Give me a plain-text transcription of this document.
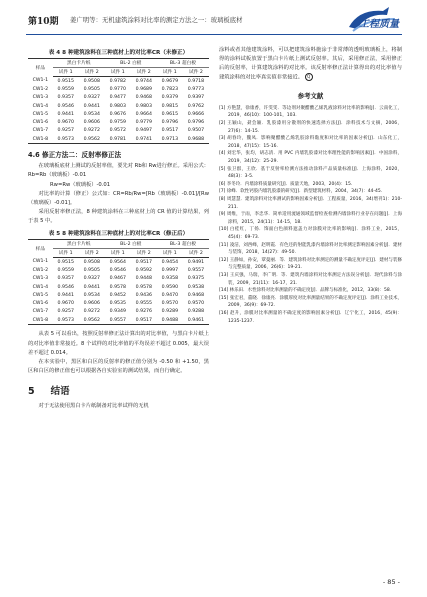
第10期 姜广明等：无机建筑涂料对比率的测定方法之一：玻璃板底材	工程质量

表 4 8 种建筑涂料在三种底材上的对比率CR（未修正）

样品	黑白卡片纸		BL-2 白板		BL-3 超白板	
	试件 1	试件 2	试件 1	试件 2	试件 1	试件 2
CW1-1	0.9515	0.9508	0.9782	0.9744	0.9679	0.9718
CW1-2	0.9559	0.9505	0.9770	0.9689	0.7823	0.9773
CW1-3	0.9357	0.9327	0.9477	0.9468	0.9379	0.9397
CW1-4	0.9546	0.9441	0.9803	0.9803	0.9815	0.9762
CW1-5	0.9441	0.9534	0.9676	0.9664	0.9615	0.9666
CW1-6	0.9670	0.9606	0.9759	0.9779	0.9796	0.9796
CW1-7	0.9257	0.9272	0.9572	0.9497	0.9517	0.9507
CW1-8	0.9573	0.9562	0.9781	0.9741	0.9713	0.9688

4.6 修正方法二：反射率修正法

在玻璃板底材上测试的反射率值，要先对 Rb和 Rw进行修正。采用公式：Rb=Rb（玻璃板）-0.01

Rw=Rw（玻璃板）-0.01

对比率的计算（修正）公式如：CR=Rb/Rw=[Rb（玻璃板）-0.01]/[Rw（玻璃板）-0.01]。

采用反射率修正法，8 种建筑涂料在三种底材上的 CR 值的计算结果，列于表 5 中。

表 5 8 种建筑涂料在三种底材上的对比率CR（修正后）

样品	黑白卡片纸		BL-2 白板		BL-3 超白板	
	试件 1	试件 2	试件 1	试件 2	试件 1	试件 2
CW1-1	0.9515	0.9508	0.9564	0.9517	0.9454	0.9491
CW1-2	0.9559	0.9505	0.9546	0.9592	0.9997	0.9557
CW1-3	0.9357	0.9327	0.9467	0.9448	0.9358	0.9375
CW1-4	0.9546	0.9441	0.9578	0.9578	0.9590	0.9538
CW1-5	0.9441	0.9534	0.9452	0.9436	0.9470	0.9468
CW1-6	0.9670	0.9606	0.9535	0.9555	0.9570	0.9570
CW1-7	0.9257	0.9272	0.9349	0.9276	0.9289	0.9288
CW1-8	0.9573	0.9562	0.9557	0.9517	0.9488	0.9461

从表 5 可以看出，按照反射率修正法计算出的对比率值，与黑白卡片纸上的对比率值非常接近。8 个试样的对比率值的平均误差不超过 0.005，最大误差不超过 0.014。

在本实验中，黑区和白区的反射率的修正值分别为 -0.50 和 +1.50，黑区和白区的修正值也可以根据各自实验室的测试结果，而自行确定。

5 结语

对于无法使用黑白卡片纸制备对比率试样的无机

涂料或者其他建筑涂料，可以把建筑涂料施涂于非常薄的透明玻璃板上，将制得的涂料试板放置于黑白卡片纸上测试反射率。其后，采用修正法，采用修正后的反射率，计算建筑涂料的对比率。该反射率修正法计算得出的对比率值与建筑涂料的对比率真实值非常接近。 Q

参考文献

[1] 方艳慧，徐康香，许雯雯．等边剂对聚醋酸乙烯乳液涂料对比率的影响[J]．云南化工，2019，46(10)：100-101，103.

[2] 王颖山，聂会颖．乳胶漆用分散剂的快速选择方法[J]．涂料技术与文摘，2006，27(6)：14-15.

[3] 胡春玲，魏凤．影响聚醋酸乙烯乳胶涂料黏度和对比率的因素分析[J]．山东化工，2018，47(15)：15-16.

[4] 刘宏华，张均，胡志清．用 PVC 内墙乳胶漆对比率理性能的影响因素[J]．中国涂料，2019，34(12)：25-29.

[5] 张卫群，王欣．基于反射率检测方法推动涂料产品质量标准[J]．上海涂料，2020，48(3)：3-5.

[6] 李冬玲．内墙涂料质量研究[J]．质量天地，2003，20(4)：15.

[7] 徐峰．软性钙胶内墙乳胶漆的研究[J]．新型建筑材料，2004，34(7)：44-45.

[8] 周慧慧．建筑涂料对比率测试的影响因素分析[J]．工程质量，2016，34(增刊1)：210-211.

[9] 周维，于雨，李忠华．简单适用流通领域监督检查检测内墙涂料行业存在问题[J]．上海涂料，2015，24(11)：14-15，18.

[10] 白桂红，丁扬．饰面白色颜料遮盖力对涂膜对比率的影响[J]．涂料工业，2015，45(4)：69-73.

[11] 凌洁，刘西峰，赵明霞．有色还的射能乳漆内墙涂料对比率测定影响因素分析[J]．建材与装饰，2018，14(27)：49-50.

[12] 王静如，孙安，覃曼丽．等．建筑涂料对比率测定的测量不确定度评定[J]．建材与装修与完整质量，2006，26(6)：19-21.

[13] 王庆强，马瑞，李广明．等．建筑内墙涂料对比率测定方法误分析[J]．现代涂料与涂装，2009，21(11)：16-17，21.

[14] 林乐田．水性涂料对比率测量的不确定度[J]．品牌与标准化，2012，33(8)：58.

[15] 张宏君，董晓．徐康亮．涂膜厚度对比率测量结果的不确定度评定[J]．涂料工业技术，2009，36(9)：69-72.

[16] 赵升，涂膜对比率测量的不确定度的影响因素分析[J]．辽宁化工，2016，45(9)：1235-1237.

- 85 -
